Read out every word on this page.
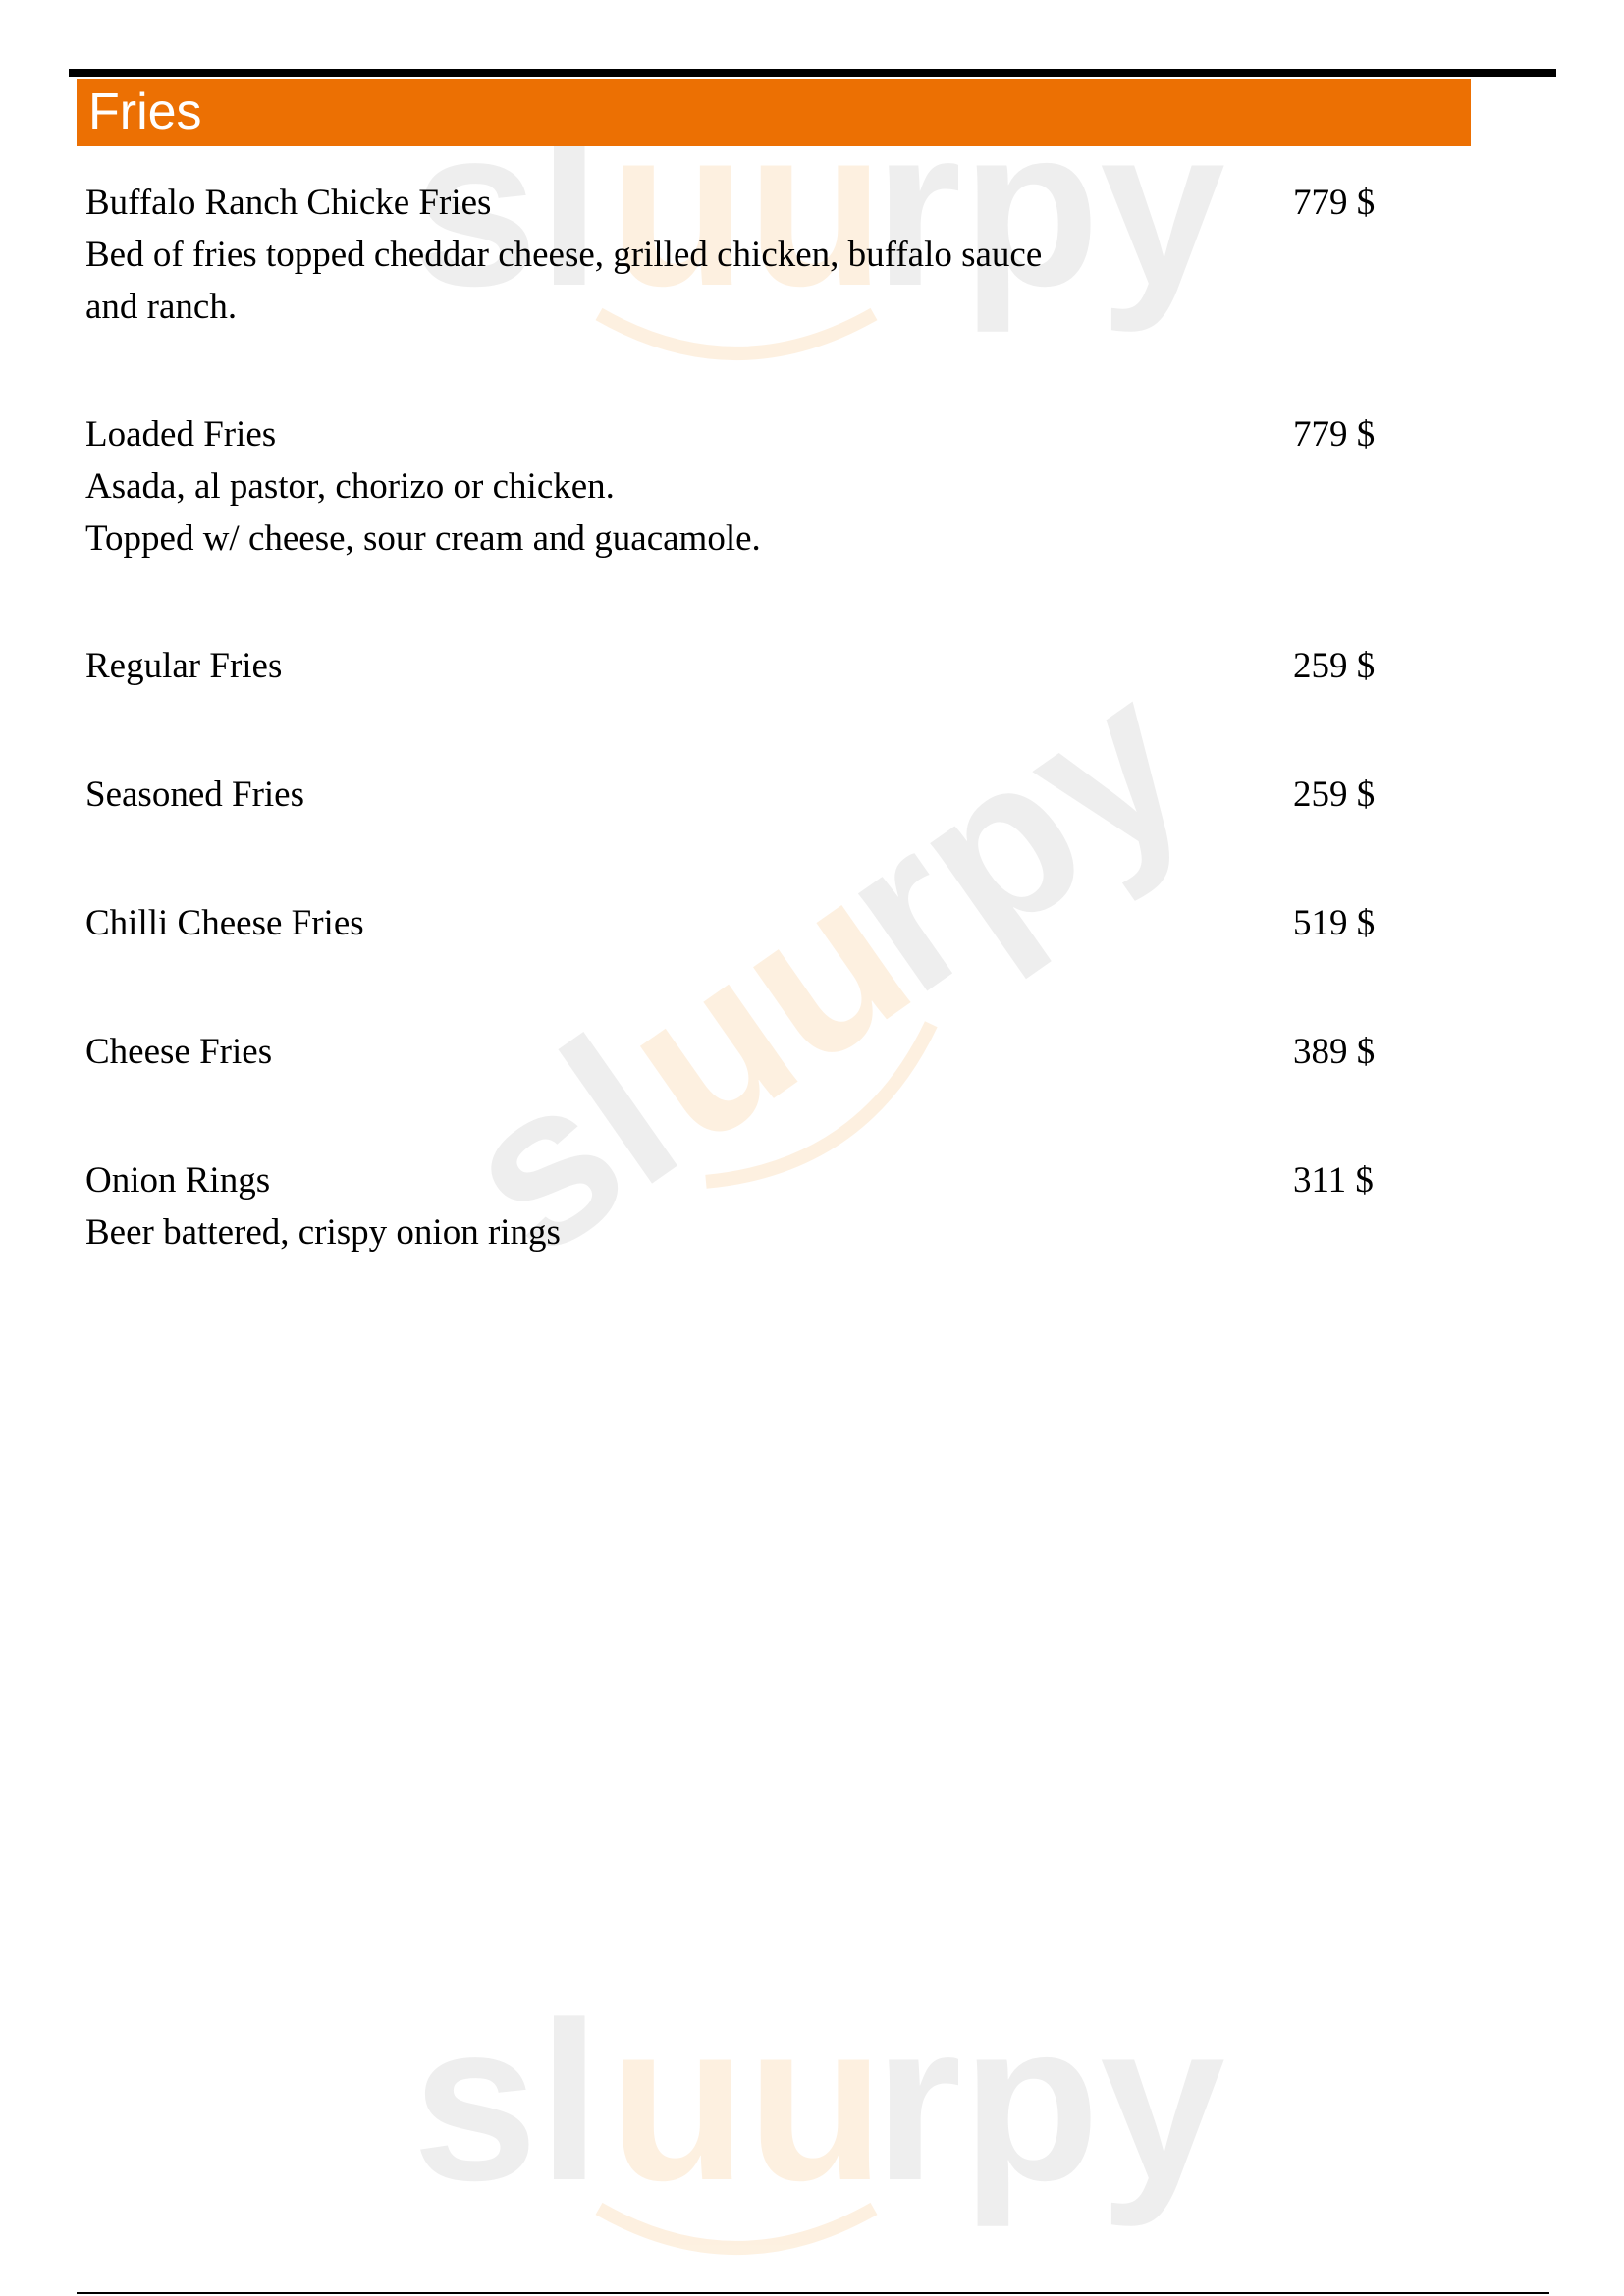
sl uu
rpy
sl
uu
rpy
sl uu
rpy
Fries
Buffalo Ranch Chicke Fries
Bed of fries topped cheddar cheese, grilled chicken, buffalo sauce
and ranch.
779 $
Loaded Fries
Asada, al pastor, chorizo or chicken.
Topped w/ cheese, sour cream and guacamole.
779 $
Regular Fries	259 $
Seasoned Fries	259 $
Chilli Cheese Fries	519 $
Cheese Fries	389 $
Onion Rings
Beer battered, crispy onion rings
311 $
